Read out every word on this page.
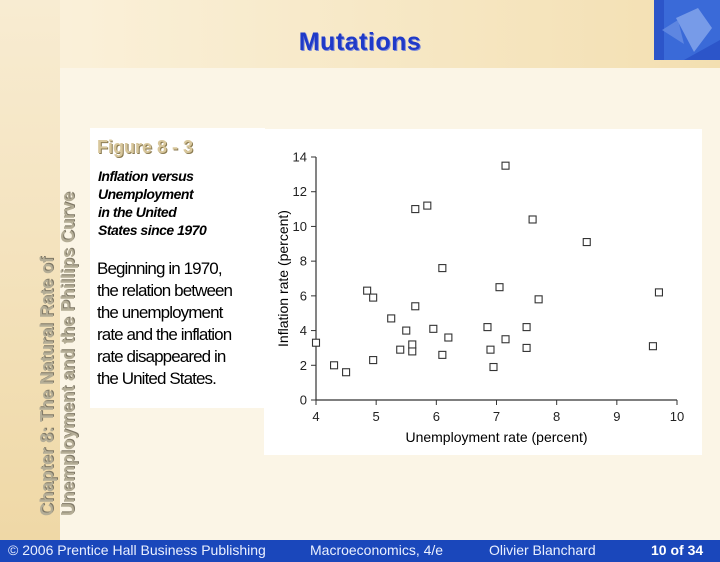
Mutations
Chapter 8: The Natural Rate of Unemployment and the Phillips Curve
Figure 8 - 3
Inflation versus
Unemployment
in the United
States since 1970
Beginning in 1970,
the relation between
the unemployment
rate and the inflation
rate disappeared in
the United States.
4	5	6	7	8	9	10
0
2
4
6
8
10
12
14
Unemployment rate (percent)
Inflation rate (percent)
© 2006 Prentice Hall Business Publishing	Macroeconomics, 4/e	Olivier Blanchard	10 of 34
